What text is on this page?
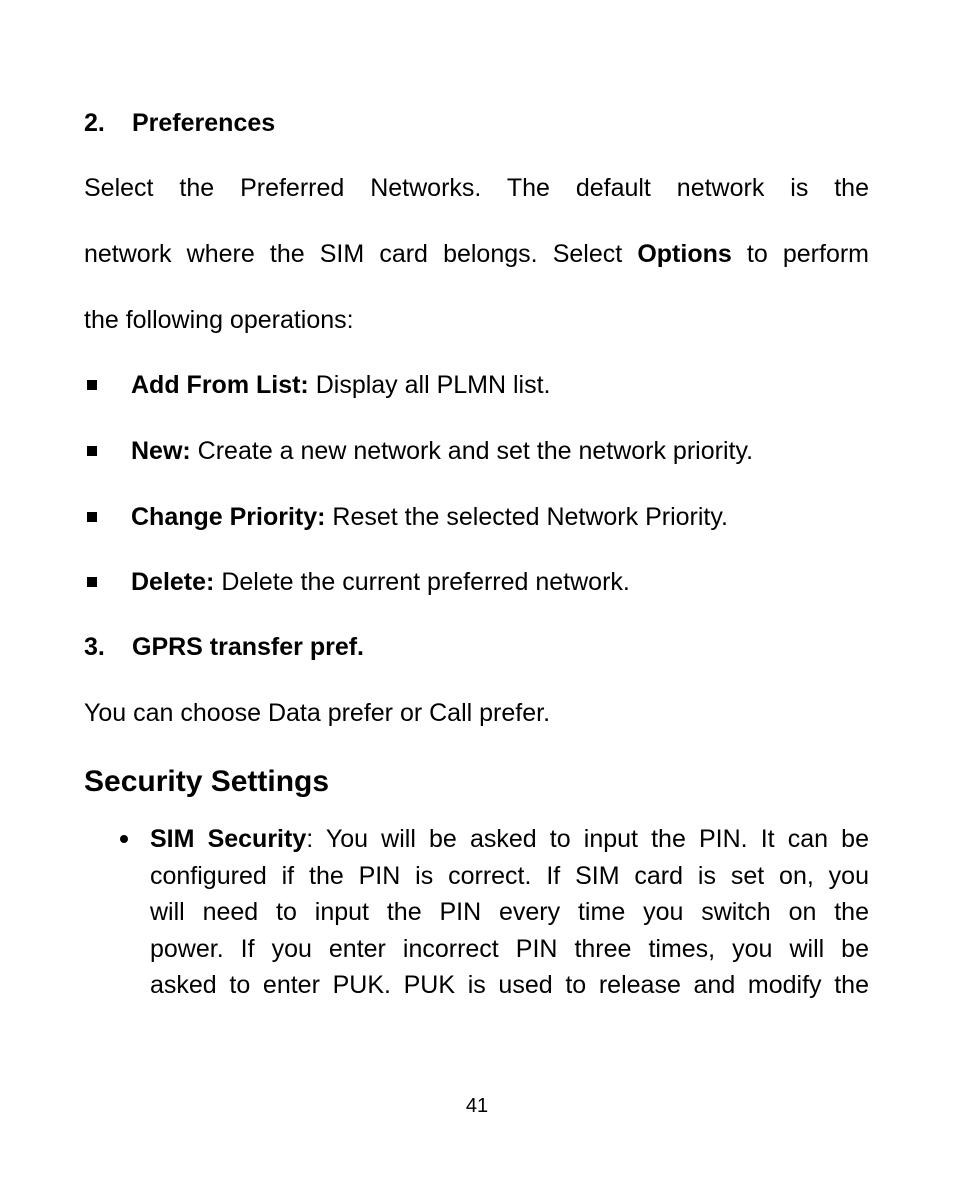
2. Preferences
Select the Preferred Networks. The default network is the
network where the SIM card belongs. Select Options to perform
the following operations:
Add From List: Display all PLMN list.
New: Create a new network and set the network priority.
Change Priority: Reset the selected Network Priority.
Delete: Delete the current preferred network.
3. GPRS transfer pref.
You can choose Data prefer or Call prefer.
Security Settings
SIM Security: You will be asked to input the PIN. It can be
configured if the PIN is correct. If SIM card is set on, you
will need to input the PIN every time you switch on the
power. If you enter incorrect PIN three times, you will be
asked to enter PUK. PUK is used to release and modify the
41
